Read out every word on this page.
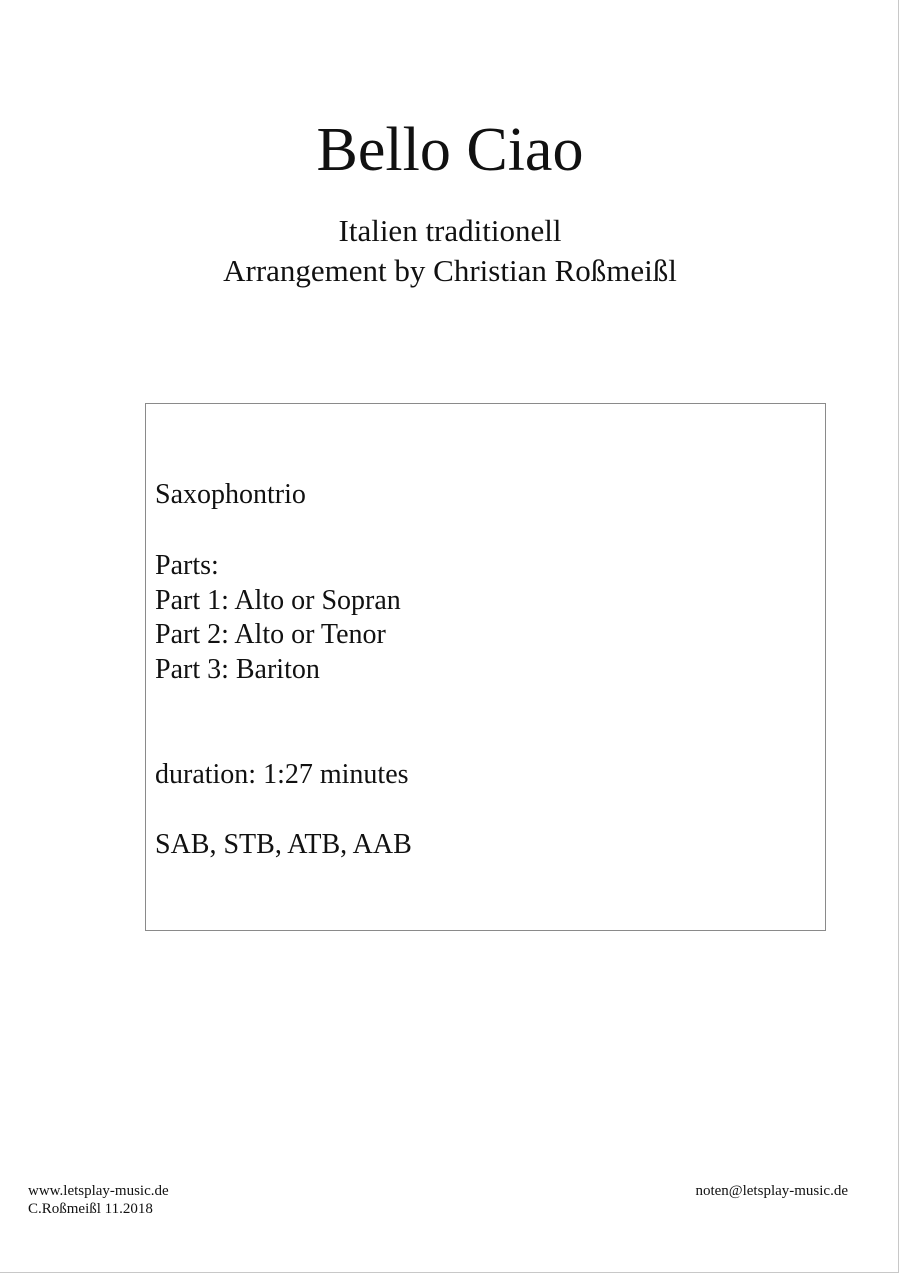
Bello Ciao
Italien traditionell
Arrangement by Christian Roßmeißl
Saxophontrio
Parts:
Part 1: Alto or Sopran
Part 2: Alto or Tenor
Part 3: Bariton
duration: 1:27 minutes
SAB, STB, ATB, AAB
www.letsplay-music.de
C.Roßmeißl 11.2018
noten@letsplay-music.de
